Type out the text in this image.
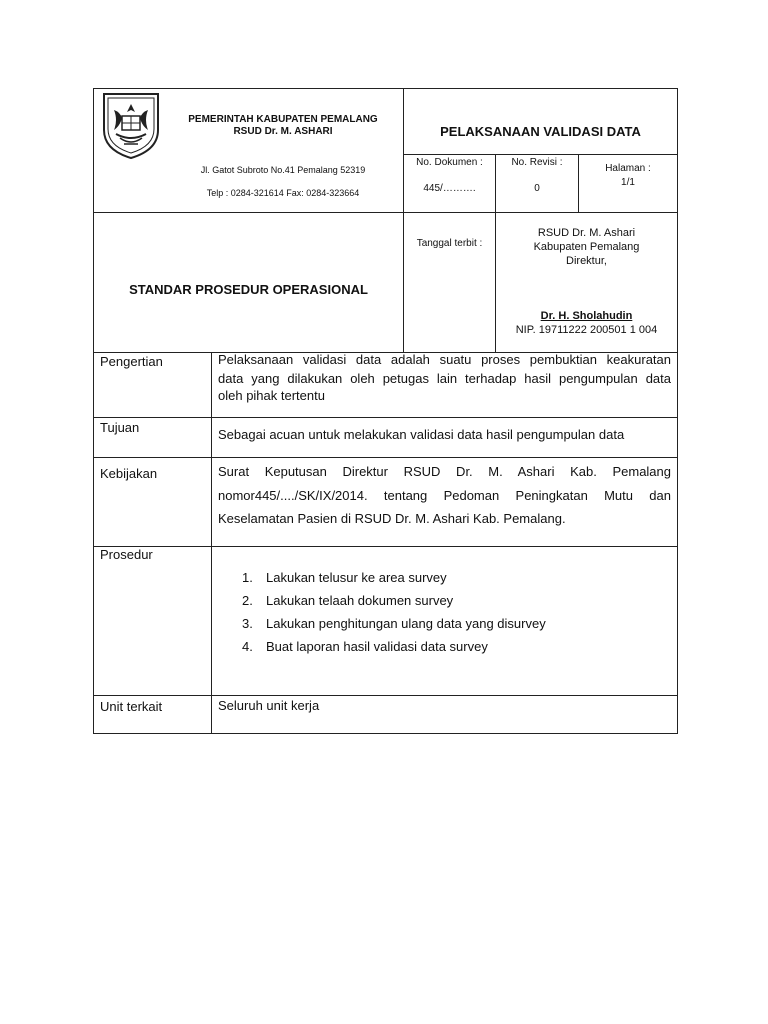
PEMERINTAH KABUPATEN PEMALANG
RSUD Dr. M. ASHARI
Jl. Gatot Subroto No.41 Pemalang 52319
Telp : 0284-321614 Fax: 0284-323664
PELAKSANAAN VALIDASI DATA
No. Dokumen :
445/……….
No. Revisi :
0
Halaman :
1/1
STANDAR PROSEDUR OPERASIONAL
Tanggal terbit :
RSUD Dr. M. Ashari
Kabupaten Pemalang
Direktur,
Dr. H. Sholahudin
NIP. 19711222 200501 1 004
Pengertian	Pelaksanaan validasi data adalah suatu proses pembuktian keakuratan
data yang dilakukan oleh petugas lain terhadap hasil pengumpulan data
oleh pihak tertentu
Tujuan	Sebagai acuan untuk melakukan validasi data hasil pengumpulan data
Kebijakan	Surat Keputusan Direktur RSUD Dr. M. Ashari Kab. Pemalang
nomor445/..../SK/IX/2014. tentang Pedoman Peningkatan Mutu dan
Keselamatan Pasien di RSUD Dr. M. Ashari Kab. Pemalang.
Prosedur
1. Lakukan telusur ke area survey
2. Lakukan telaah dokumen survey
3. Lakukan penghitungan ulang data yang disurvey
4. Buat laporan hasil validasi data survey
Unit terkait	Seluruh unit kerja
